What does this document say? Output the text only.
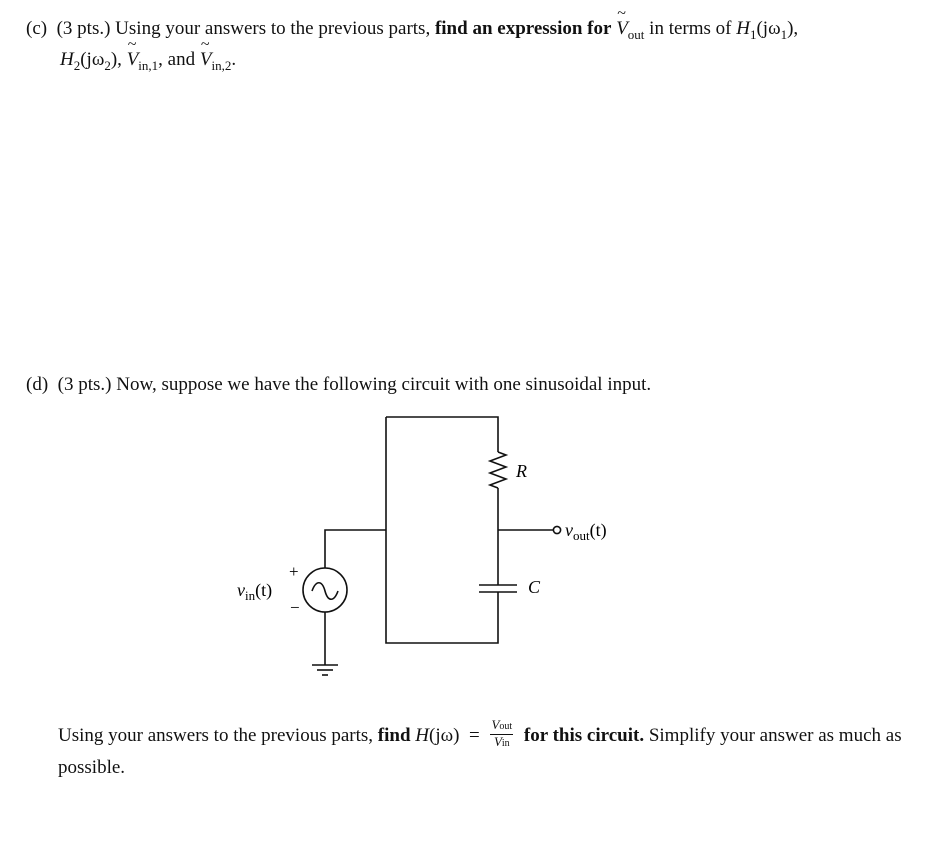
(c) (3 pts.) Using your answers to the previous parts, find an expression for ~ $V_{out}$ in terms of $H_1(j\omega_1)$,
$H_2(j\omega_2)$, ~ $V_{in,1}$, and ~ $V_{in,2}$.
(d) (3 pts.) Now, suppose we have the following circuit with one sinusoidal input.
R
C
+
−
$v_{in}(t)$
$v_{out}(t)$
Using your answers to the previous parts, find $H(j\omega) = \frac{\text{Vout}}{\text{Vin}}$ for this circuit. Simplify your answer as much as possible.
